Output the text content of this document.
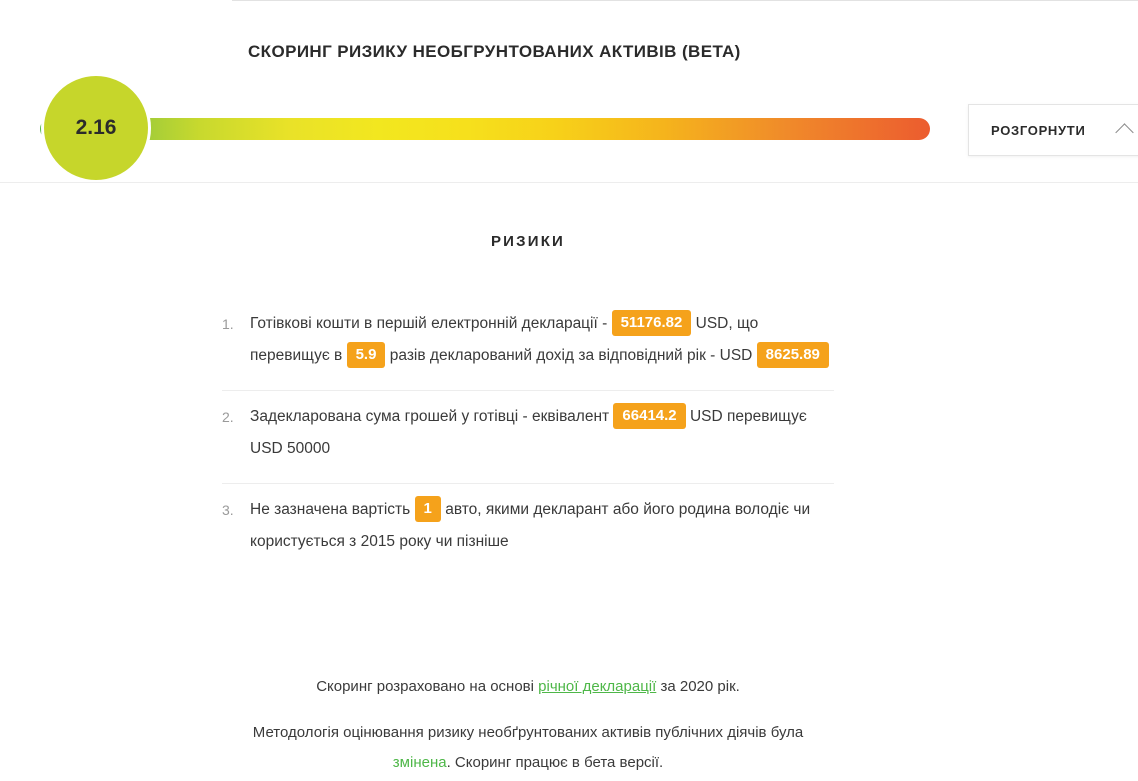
СКОРИНГ РИЗИКУ НЕОБГРУНТОВАНИХ АКТИВІВ (BETA)
2.16	РОЗГОРНУТИ
РИЗИКИ
1.	Готівкові кошти в першій електронній декларації - 51176.82 USD, що перевищує в 5.9 разів декларований дохід за відповідний рік - USD 8625.89
2.	Задекларована сума грошей у готівці - еквівалент 66414.2 USD перевищує USD 50000
3.	Не зазначена вартість 1 авто, якими декларант або його родина володіє чи користується з 2015 року чи пізніше
Скоринг розраховано на основі річної декларації за 2020 рік.
Методологія оцінювання ризику необґрунтованих активів публічних діячів була змінена. Скоринг працює в бета версії.
